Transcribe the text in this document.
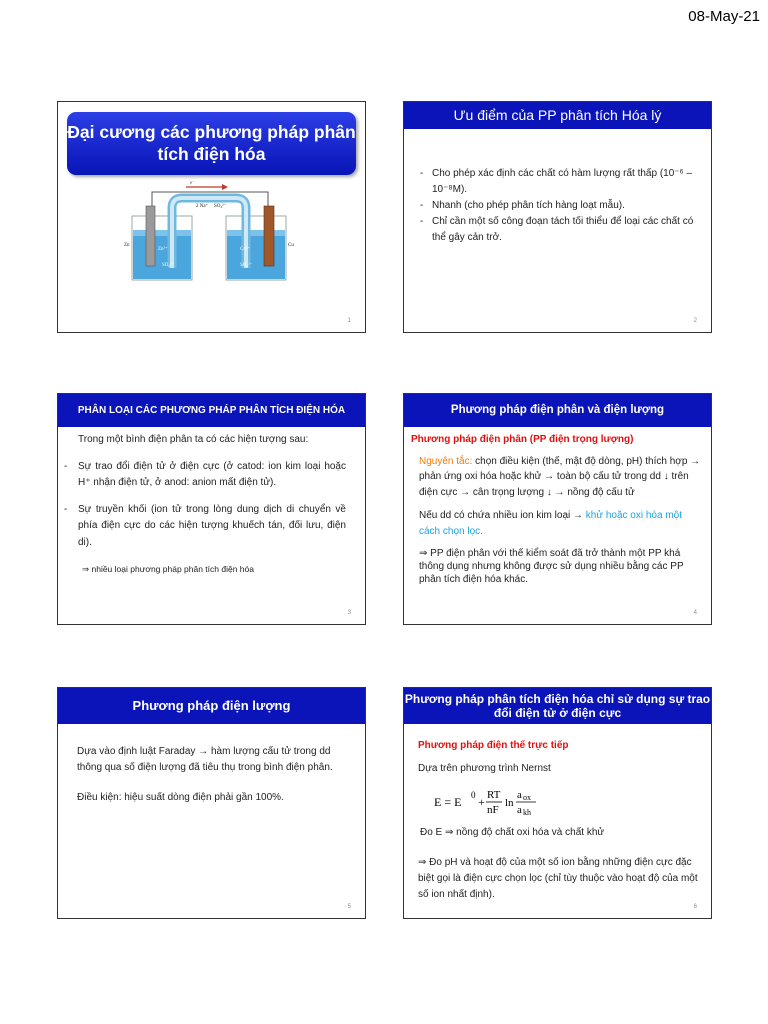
08-May-21
Đại cương các phương pháp phân tích điện hóa
e⁻
2 Na⁺ SO₄²⁻
Zn	Cu
Zn²⁺	Cu²⁺
SO₄²⁻	SO₄²⁻
1
Ưu điểm của PP phân tích Hóa lý
- Cho phép xác định các chất có hàm lượng rất thấp (10⁻⁶ – 10⁻⁸M).
- Nhanh (cho phép phân tích hàng loạt mẫu).
- Chỉ cần một số công đoạn tách tối thiểu để loại các chất có thể gây cản trở.
2
PHÂN LOẠI CÁC PHƯƠNG PHÁP PHÂN TÍCH ĐIỆN HÓA
Trong một bình điện phân ta có các hiện tượng sau:
- Sự trao đổi điện tử ở điện cực (ở catod: ion kim loại hoặc H⁺ nhận điện tử, ở anod: anion mất điện tử).
- Sự truyền khối (ion tử trong lòng dung dịch di chuyển về phía điện cực do các hiện tượng khuếch tán, đối lưu, điện di).
⇒ nhiều loại phương pháp phân tích điện hóa
3
Phương pháp điện phân và điện lượng
Phương pháp điện phân (PP điện trọng lượng)
Nguyên tắc: chọn điều kiện (thế, mật độ dòng, pH) thích hợp → phản ứng oxi hóa hoặc khử → toàn bộ cấu tử trong dd ↓ trên điện cực → cân trọng lượng ↓ → nồng độ cấu tử
Nếu dd có chứa nhiều ion kim loại → khử hoặc oxi hóa một cách chọn lọc.
⇒ PP điện phân với thế kiểm soát đã trở thành một PP khá thông dụng nhưng không được sử dụng nhiều bằng các PP phân tích điện hóa khác.
4
Phương pháp điện lượng

Dựa vào định luật Faraday → hàm lượng cấu tử trong dd thông qua số điện lượng đã tiêu thụ trong bình điện phân.

Điều kiện: hiệu suất dòng điện phải gần 100%.

5
Phương pháp phân tích điện hóa chỉ sử dụng sự trao đổi điện tử ở điện cực
Phương pháp điện thế trực tiếp
Dựa trên phương trình Nernst
E = E 0 + RT
nF
ln
a ox
a kh
Đo E ⇒ nồng độ chất oxi hóa và chất khử
⇒ Đo pH và hoạt độ của một số ion bằng những điện cực đặc biệt gọi là điện cực chọn lọc (chỉ tùy thuộc vào hoạt độ của một số ion nhất định).
6
